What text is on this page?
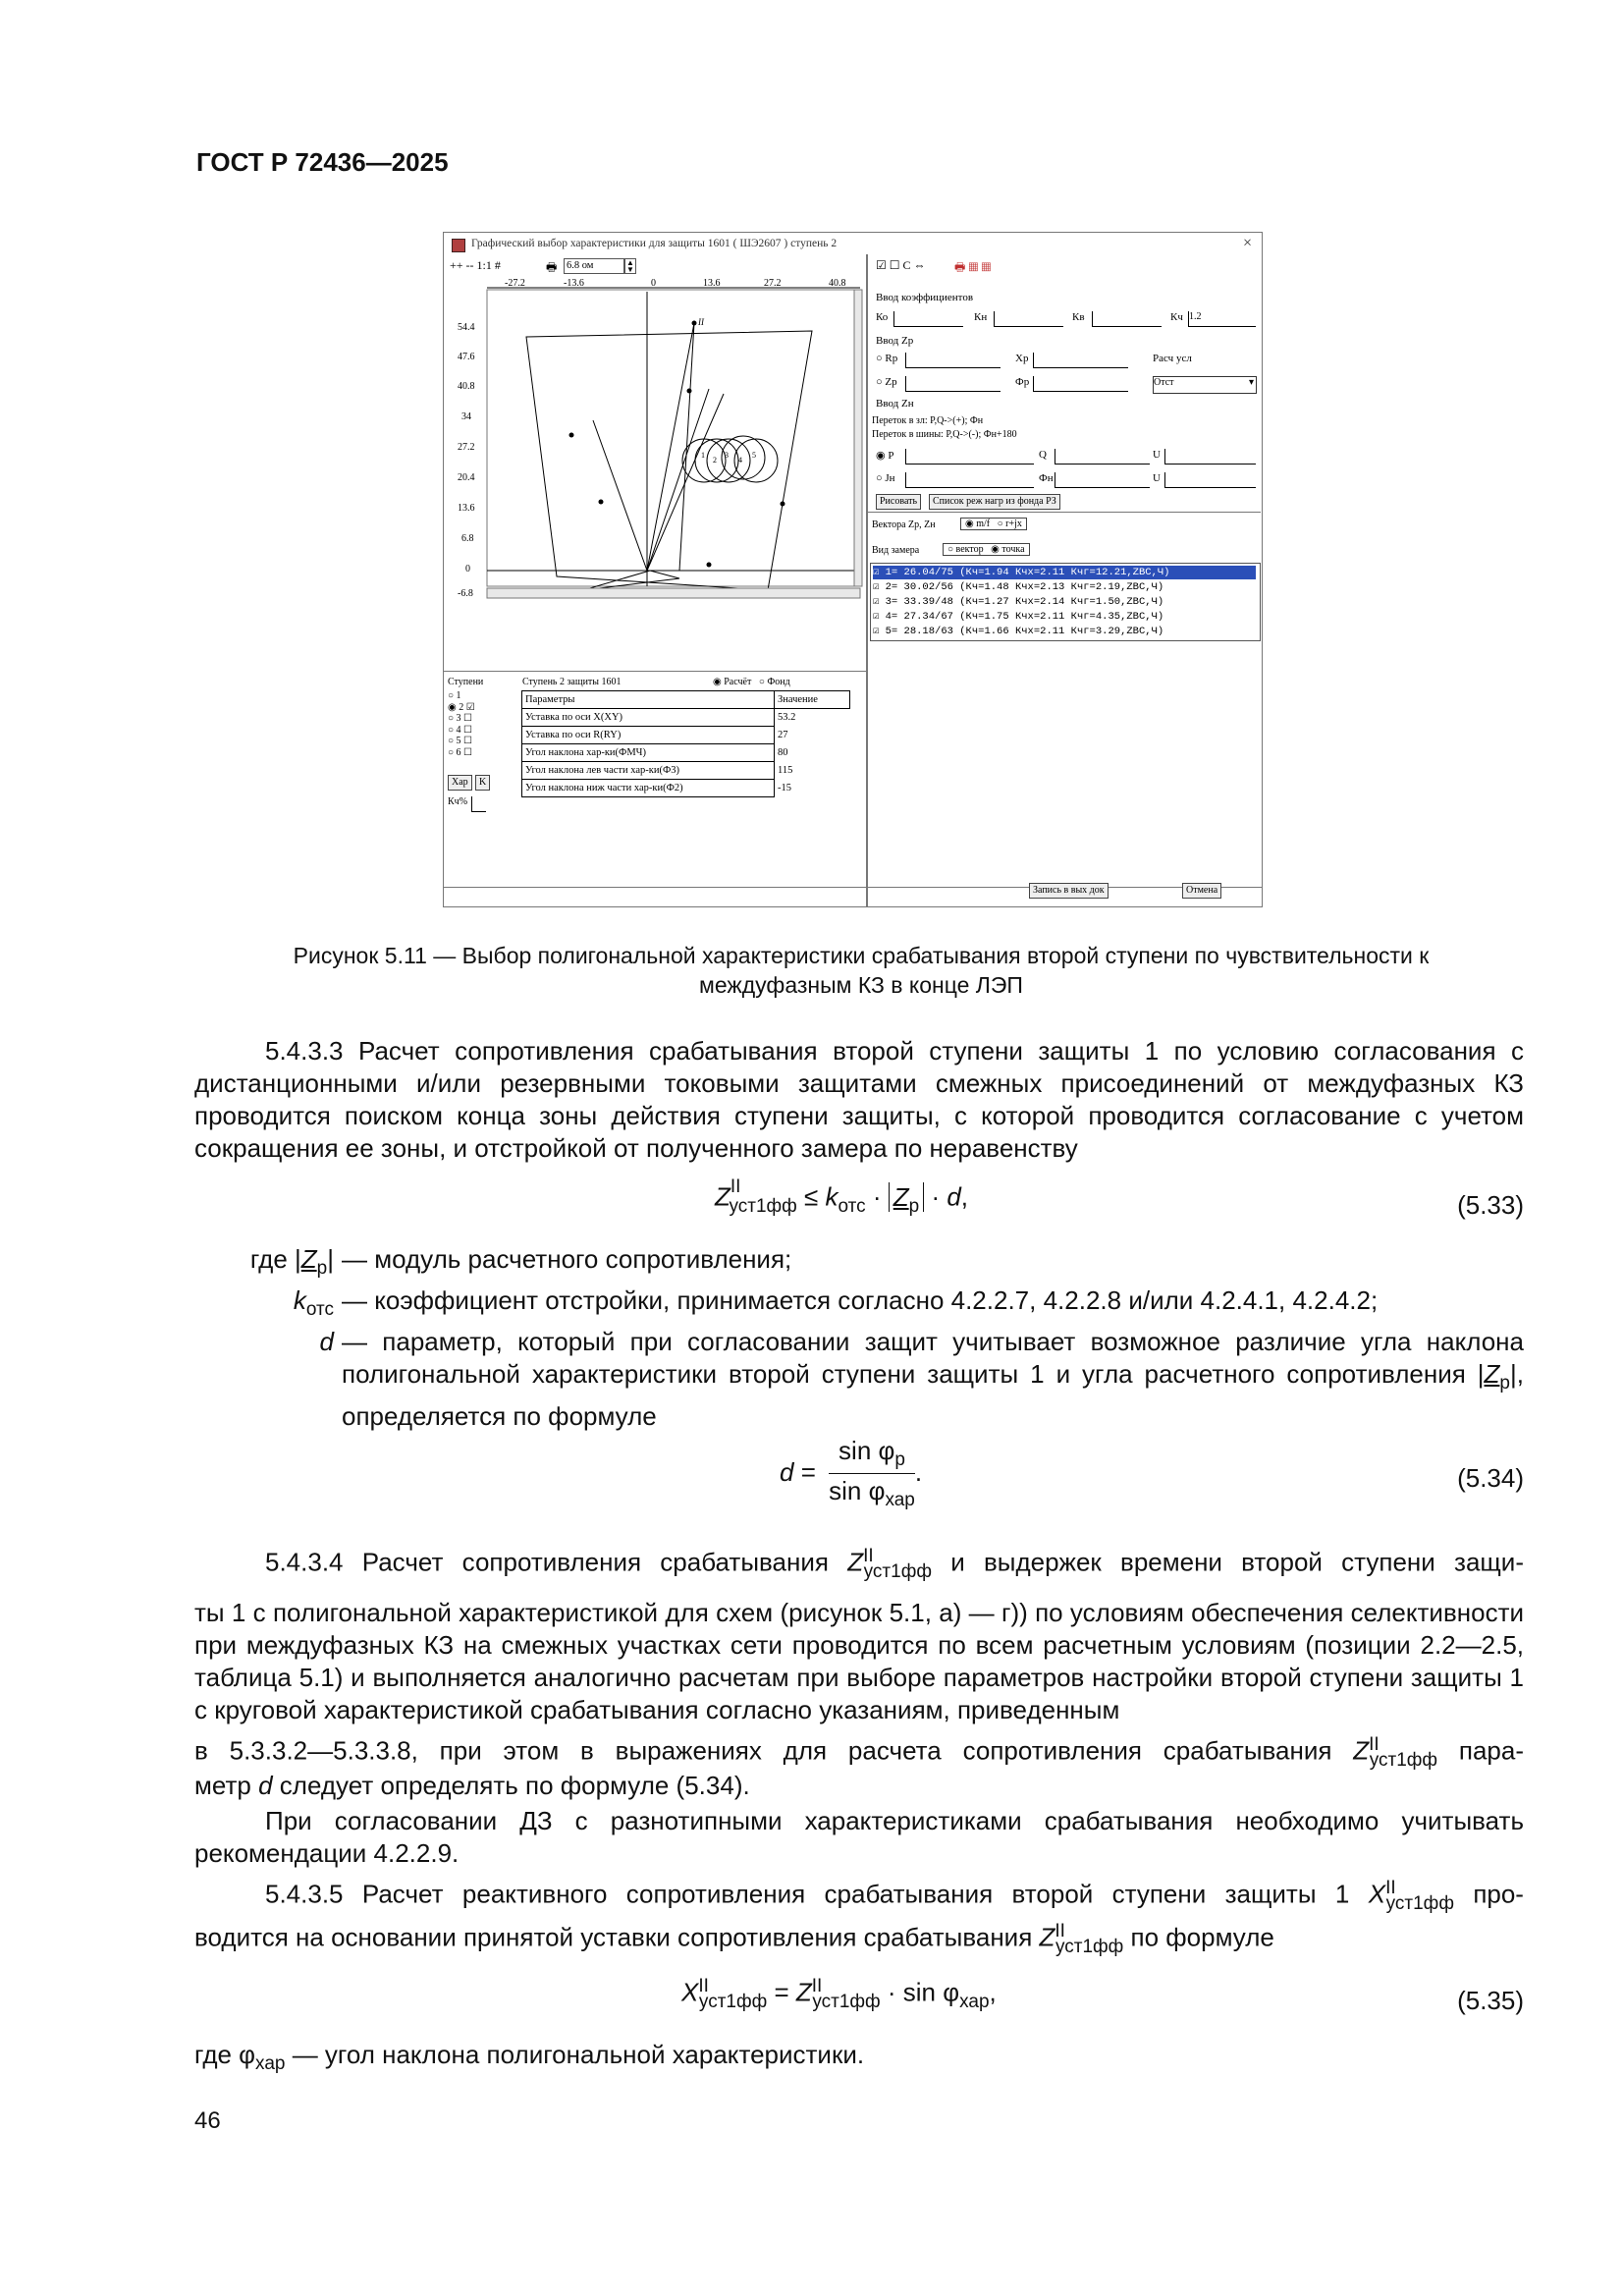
ГОСТ Р 72436—2025
Графический выбор характеристики для защиты 1601 ( ШЭ2607 ) ступень 2	×
++ -- 1:1 #	🖶 6.8 ом	▲
▼	☑ ☐ C ⇔ 🖶 ▦ ▦
-27.2	-13.6	0	13.6	27.2	40.8
54.4
47.6
40.8
34
27.2
20.4
13.6
6.8
0
-6.8
II
1
2
3
4
5
Ввод коэффициентов
Ко	Кн	Кв	Кч 1.2
Ввод Zр
○ Rр	Xр	Расч усл
○ Zр	Фр	Отст	▾
Ввод Zн
Переток в зл: P,Q->(+); Фн
Переток в шины: P,Q->(-); Фн+180
◉ P	Q	U
○ Jн	Фн	U
Рисовать	Список реж нагр из фонда РЗ
Вектора Zр, Zн	◉ m/f   ○ r+jx
Вид замера	○ вектор   ◉ точка
☑ 1= 26.04/75 (Кч=1.94 Кчх=2.11 Кчг=12.21,ZBC,Ч)
☑ 2= 30.02/56 (Кч=1.48 Кчх=2.13 Кчг=2.19,ZBC,Ч)
☑ 3= 33.39/48 (Кч=1.27 Кчх=2.14 Кчг=1.50,ZBC,Ч)
☑ 4= 27.34/67 (Кч=1.75 Кчх=2.11 Кчг=4.35,ZBC,Ч)
☑ 5= 28.18/63 (Кч=1.66 Кчх=2.11 Кчг=3.29,ZBC,Ч)
Ступени
○ 1
◉ 2 ☑
○ 3 ☐
○ 4 ☐
○ 5 ☐
○ 6 ☐
Хар	K
Кч%
Ступень 2 защиты 1601	◉ Расчёт   ○ Фонд
Параметры	Значение
Уставка по оси X(XY)	53.2
Уставка по оси R(RY)	27
Угол наклона хар-ки(ФМЧ)	80
Угол наклона лев части хар-ки(Ф3)	115
Угол наклона ниж части хар-ки(Ф2)	-15
Запись в вых док	Отмена
Рисунок 5.11 — Выбор полигональной характеристики срабатывания второй ступени по чувствительности к
междуфазным КЗ в конце ЛЭП
5.4.3.3 Расчет сопротивления срабатывания второй ступени защиты 1 по условию согласования с дистанционными и/или резервными токовыми защитами смежных присоединений от междуфазных КЗ проводится поиском конца зоны действия ступени защиты, с которой проводится согласование с учетом сокращения ее зоны, и отстройкой от полученного замера по неравенству
$Z^{II}_{уст1фф} \le k_{отс} \cdot Z_р \cdot d$,	(5.33)
где $|Z_р|$	— модуль расчетного сопротивления;
$k_{отс}$	— коэффициент отстройки, принимается согласно 4.2.2.7, 4.2.2.8 и/или 4.2.4.1, 4.2.4.2;
d	— параметр, который при согласовании защит учитывает возможное различие угла наклона полигональной характеристики второй ступени защиты 1 и угла расчетного сопротивления $|Z_р|$, определяется по формуле
d =
$\sin \varphi_р$
$\sin \varphi_{хар}$
.	(5.34)
5.4.3.4 Расчет сопротивления срабатывания $Z^{II}_{уст1фф}$ и выдержек времени второй ступени защи-
ты 1 с полигональной характеристикой для схем (рисунок 5.1, а) — г)) по условиям обеспечения селективности при междуфазных КЗ на смежных участках сети проводится по всем расчетным условиям (позиции 2.2—2.5, таблица 5.1) и выполняется аналогично расчетам при выборе параметров настройки второй ступени защиты 1 с круговой характеристикой срабатывания согласно указаниям, приведенным
в 5.3.3.2—5.3.3.8, при этом в выражениях для расчета сопротивления срабатывания $Z^{II}_{уст1фф}$ пара-
метр d следует определять по формуле (5.34).
При согласовании ДЗ с разнотипными характеристиками срабатывания необходимо учитывать рекомендации 4.2.2.9.
5.4.3.5 Расчет реактивного сопротивления срабатывания второй ступени защиты 1 $X^{II}_{уст1фф}$ про-
водится на основании принятой уставки сопротивления срабатывания $Z^{II}_{уст1фф}$ по формуле
$X^{II}_{уст1фф} = Z^{II}_{уст1фф} \cdot \sin \varphi_{хар}$,	(5.35)
где $\varphi_{хар}$ — угол наклона полигональной характеристики.
46
